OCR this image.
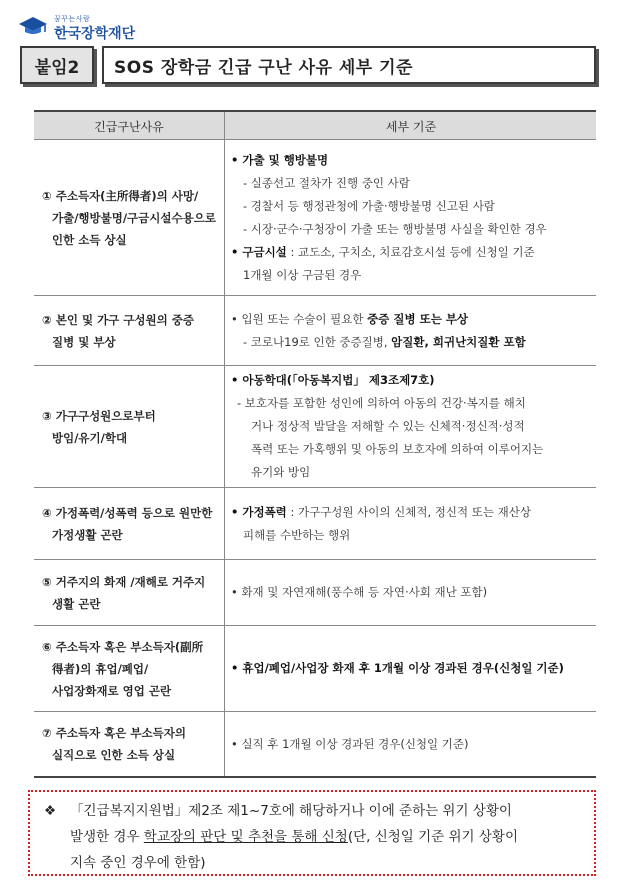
꿈꾸는사람
한국장학재단
붙임2	SOS 장학금 긴급 구난 사유 세부 기준
긴급구난사유	세부 기준
① 주소득자(主所得者)의 사망/
가출/행방불명/구금시설수용으로
인한 소득 상실
• 가출 및 행방불명
- 실종선고 절차가 진행 중인 사람
- 경찰서 등 행정관청에 가출·행방불명 신고된 사람
- 시장·군수·구청장이 가출 또는 행방불명 사실을 확인한 경우
• 구금시설 : 교도소, 구치소, 치료감호시설 등에 신청일 기준
1개월 이상 구금된 경우
② 본인 및 가구 구성원의 중증
질병 및 부상
• 입원 또는 수술이 필요한 중증 질병 또는 부상
- 코로나19로 인한 중증질병, 암질환, 희귀난치질환 포함
③ 가구구성원으로부터
방임/유기/학대
• 아동학대(「아동복지법」 제3조제7호)
- 보호자를 포함한 성인에 의하여 아동의 건강·복지를 해치
거나 정상적 발달을 저해할 수 있는 신체적·정신적·성적
폭력 또는 가혹행위 및 아동의 보호자에 의하여 이루어지는
유기와 방임
④ 가정폭력/성폭력 등으로 원만한
가정생활 곤란
• 가정폭력 : 가구구성원 사이의 신체적, 정신적 또는 재산상
피해를 수반하는 행위
⑤ 거주지의 화재 /재해로 거주지
생활 곤란
• 화재 및 자연재해(풍수해 등 자연·사회 재난 포함)
⑥ 주소득자 혹은 부소득자(副所
得者)의 휴업/폐업/
사업장화재로 영업 곤란
• 휴업/폐업/사업장 화재 후 1개월 이상 경과된 경우(신청일 기준)
⑦ 주소득자 혹은 부소득자의
실직으로 인한 소득 상실
• 실직 후 1개월 이상 경과된 경우(신청일 기준)
❖ 「긴급복지지원법」제2조 제1~7호에 해당하거나 이에 준하는 위기 상황이
발생한 경우 학교장의 판단 및 추천을 통해 신청(단, 신청일 기준 위기 상황이
지속 중인 경우에 한함)
